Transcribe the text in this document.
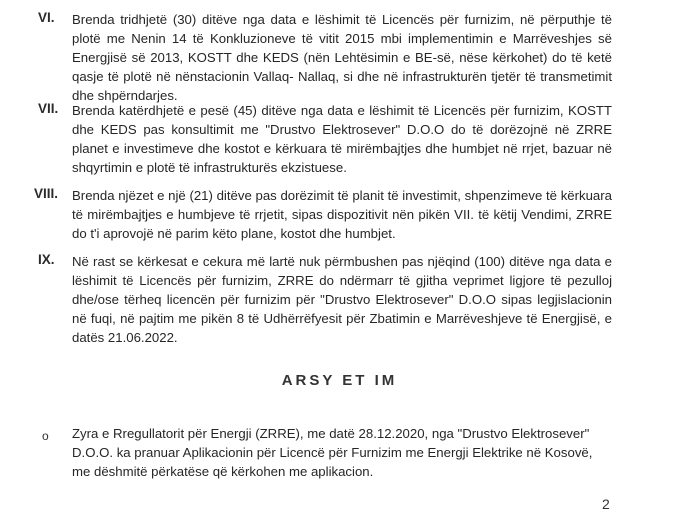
VI. Brenda tridhjetë (30) ditëve nga data e lëshimit të Licencës për furnizim, në përputhje të plotë me Nenin 14 të Konkluzioneve të vitit 2015 mbi implementimin e Marrëveshjes së Energjisë së 2013, KOSTT dhe KEDS (nën Lehtësimin e BE-së, nëse kërkohet) do të ketë qasje të plotë në nënstacionin Vallaq- Nallaq, si dhe në infrastrukturën tjetër të transmetimit dhe shpërndarjes.

VII. Brenda katërdhjetë e pesë (45) ditëve nga data e lëshimit të Licencës për furnizim, KOSTT dhe KEDS pas konsultimit me "Drustvo Elektrosever" D.O.O do të dorëzojnë në ZRRE planet e investimeve dhe kostot e kërkuara të mirëmbajtjes dhe humbjet në rrjet, bazuar në shqyrtimin e plotë të infrastrukturës ekzistuese.

VIII. Brenda njëzet e një (21) ditëve pas dorëzimit të planit të investimit, shpenzimeve të kërkuara të mirëmbajtjes e humbjeve të rrjetit, sipas dispozitivit nën pikën VII. të këtij Vendimi, ZRRE do t'i aprovojë në parim këto plane, kostot dhe humbjet.

IX. Në rast se kërkesat e cekura më lartë nuk përmbushen pas njëqind (100) ditëve nga data e lëshimit të Licencës për furnizim, ZRRE do ndërmarr të gjitha veprimet ligjore të pezulloj dhe/ose tërheq licencën për furnizim për "Drustvo Elektrosever" D.O.O sipas legjislacionin në fuqi, në pajtim me pikën 8 të Udhërrëfyesit për Zbatimin e Marrëveshjeve të Energjisë, e datës 21.06.2022.

ARSY ET IM
o Zyra e Rregullatorit për Energji (ZRRE), me datë 28.12.2020, nga "Drustvo Elektrosever" D.O.O. ka pranuar Aplikacionin për Licencë për Furnizim me Energji Elektrike në Kosovë, me dëshmitë përkatëse që kërkohen me aplikacion.

2
